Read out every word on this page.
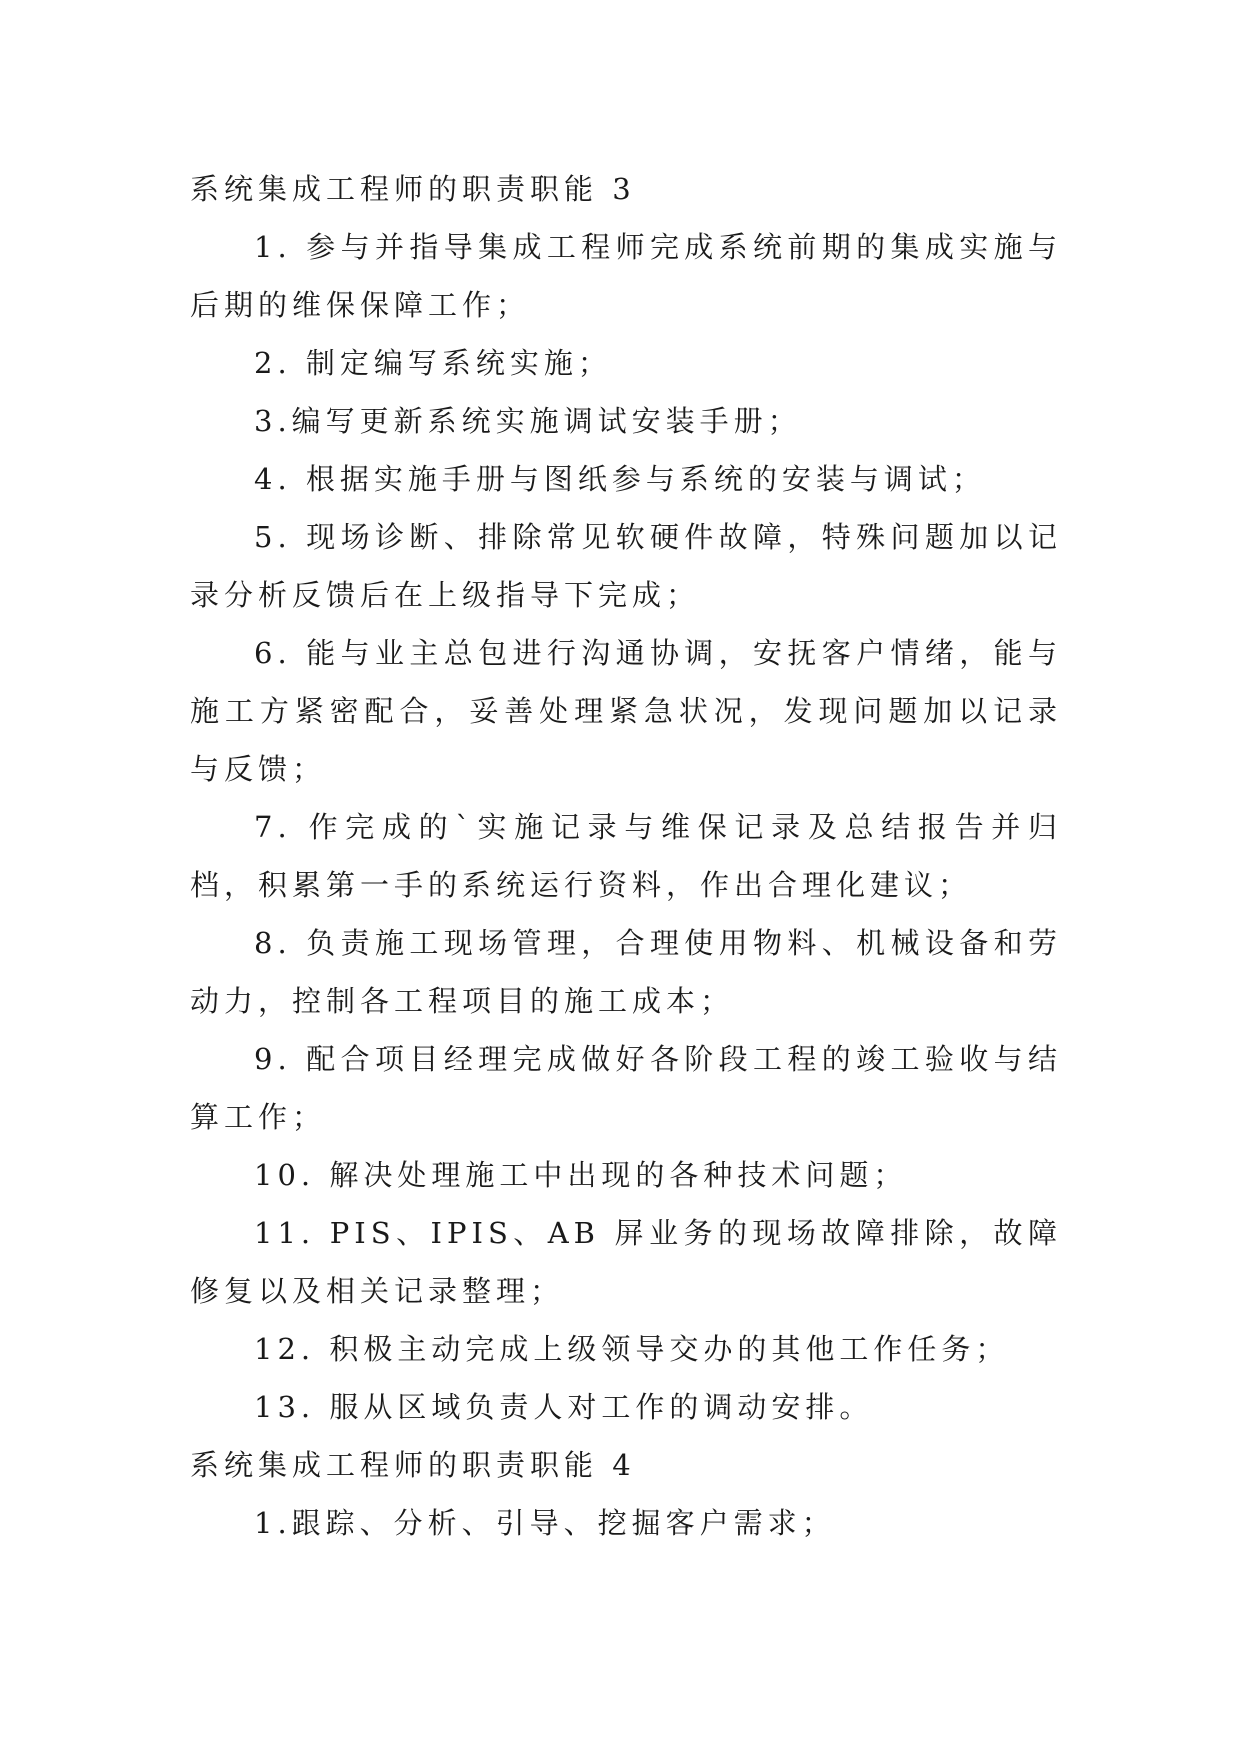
系统集成工程师的职责职能 3

1. 参与并指导集成工程师完成系统前期的集成实施与后期的维保保障工作；

2. 制定编写系统实施；

3.编写更新系统实施调试安装手册；

4. 根据实施手册与图纸参与系统的安装与调试；

5. 现场诊断、排除常见软硬件故障，特殊问题加以记录分析反馈后在上级指导下完成；

6. 能与业主总包进行沟通协调，安抚客户情绪，能与施工方紧密配合，妥善处理紧急状况，发现问题加以记录与反馈；

7. 作完成的`实施记录与维保记录及总结报告并归档，积累第一手的系统运行资料，作出合理化建议；

8. 负责施工现场管理，合理使用物料、机械设备和劳动力，控制各工程项目的施工成本；

9. 配合项目经理完成做好各阶段工程的竣工验收与结算工作；

10. 解决处理施工中出现的各种技术问题；

11. PIS、IPIS、AB 屏业务的现场故障排除，故障修复以及相关记录整理；

12. 积极主动完成上级领导交办的其他工作任务；

13. 服从区域负责人对工作的调动安排。

系统集成工程师的职责职能 4

1.跟踪、分析、引导、挖掘客户需求；
